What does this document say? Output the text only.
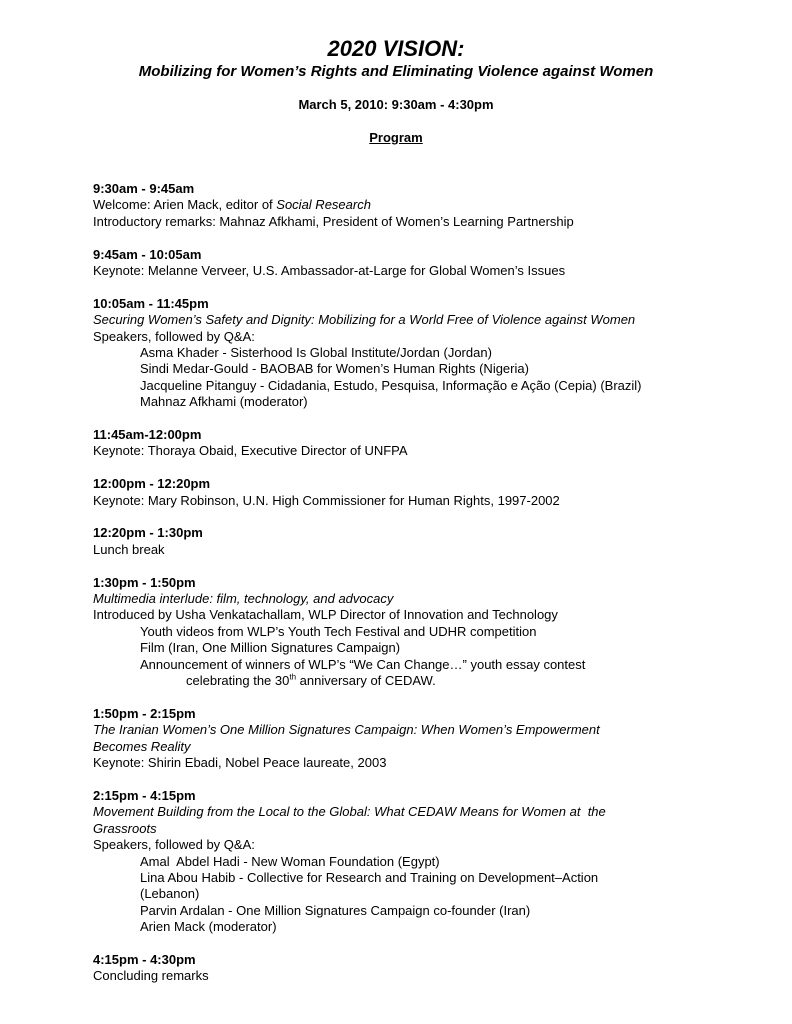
2020 VISION:
Mobilizing for Women’s Rights and Eliminating Violence against Women
March 5, 2010: 9:30am - 4:30pm
Program
9:30am - 9:45am
Welcome: Arien Mack, editor of Social Research
Introductory remarks: Mahnaz Afkhami, President of Women’s Learning Partnership
9:45am - 10:05am
Keynote: Melanne Verveer, U.S. Ambassador-at-Large for Global Women’s Issues
10:05am - 11:45pm
Securing Women’s Safety and Dignity: Mobilizing for a World Free of Violence against Women
Speakers, followed by Q&A:
Asma Khader - Sisterhood Is Global Institute/Jordan (Jordan)
Sindi Medar-Gould - BAOBAB for Women’s Human Rights (Nigeria)
Jacqueline Pitanguy - Cidadania, Estudo, Pesquisa, Informação e Ação (Cepia) (Brazil)
Mahnaz Afkhami (moderator)
11:45am-12:00pm
Keynote: Thoraya Obaid, Executive Director of UNFPA
12:00pm - 12:20pm
Keynote: Mary Robinson, U.N. High Commissioner for Human Rights, 1997-2002
12:20pm - 1:30pm
Lunch break
1:30pm - 1:50pm
Multimedia interlude: film, technology, and advocacy
Introduced by Usha Venkatachallam, WLP Director of Innovation and Technology
Youth videos from WLP’s Youth Tech Festival and UDHR competition
Film (Iran, One Million Signatures Campaign)
Announcement of winners of WLP’s “We Can Change…” youth essay contest
celebrating the 30th anniversary of CEDAW.
1:50pm - 2:15pm
The Iranian Women’s One Million Signatures Campaign: When Women’s Empowerment
Becomes Reality
Keynote: Shirin Ebadi, Nobel Peace laureate, 2003
2:15pm - 4:15pm
Movement Building from the Local to the Global: What CEDAW Means for Women at  the
Grassroots
Speakers, followed by Q&A:
Amal  Abdel Hadi - New Woman Foundation (Egypt)
Lina Abou Habib - Collective for Research and Training on Development–Action
(Lebanon)
Parvin Ardalan - One Million Signatures Campaign co-founder (Iran)
Arien Mack (moderator)
4:15pm - 4:30pm
Concluding remarks
